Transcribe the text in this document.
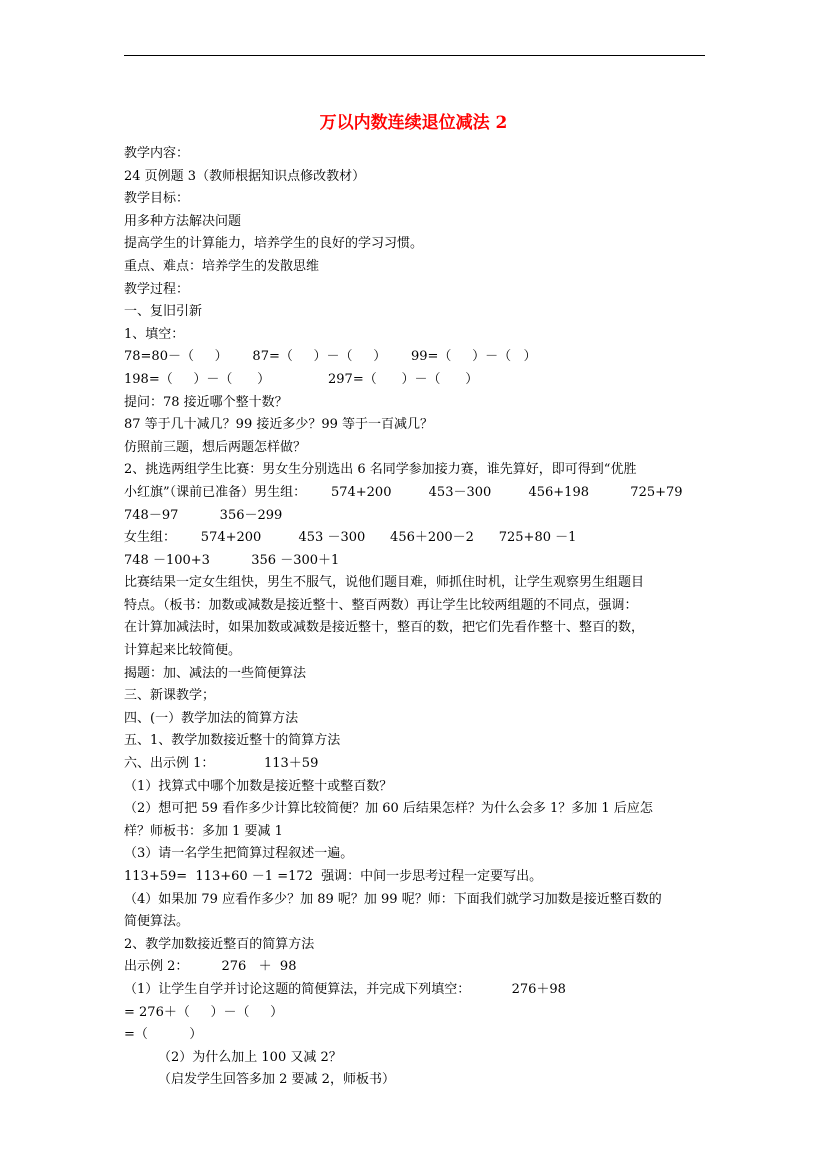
万以内数连续退位减法 2
教学内容：
24 页例题 3（教师根据知识点修改教材）
教学目标：
用多种方法解决问题
提高学生的计算能力，培养学生的良好的学习习惯。
重点、难点：培养学生的发散思维
教学过程：
一、复旧引新
1、填空：
78=80－（     ）      87=（     ）－（     ）      99=（     ）－（   ）
198=（     ）－（      ）              297=（      ）－（      ）
提问：78 接近哪个整十数？
87 等于几十减几？99 接近多少？99 等于一百减几？
仿照前三题，想后两题怎样做？
2、挑选两组学生比赛：男女生分别选出 6 名同学参加接力赛，谁先算好，即可得到“优胜
小红旗”（课前已准备）男生组：      574+200         453－300         456+198          725+79
748－97          356－299
女生组：      574+200         453 －300      456＋200－2      725+80 －1
748 －100+3          356 －300＋1
比赛结果一定女生组快，男生不服气，说他们题目难，师抓住时机，让学生观察男生组题目
特点。（板书：加数或减数是接近整十、整百两数）再让学生比较两组题的不同点，强调：
在计算加减法时，如果加数或减数是接近整十，整百的数，把它们先看作整十、整百的数，
计算起来比较简便。
揭题：加、减法的一些简便算法
三、新课教学；
四、(一）教学加法的简算方法
五、1、教学加数接近整十的简算方法
六、出示例 1：            113＋59
（1）找算式中哪个加数是接近整十或整百数？
（2）想可把 59 看作多少计算比较简便？加 60 后结果怎样？为什么会多 1？多加 1 后应怎
样？师板书：多加 1 要减 1
（3）请一名学生把简算过程叙述一遍。
113+59=  113+60 －1 =172  强调：中间一步思考过程一定要写出。
（4）如果加 79 应看作多少？加 89 呢？加 99 呢？师：下面我们就学习加数是接近整百数的
简便算法。
2、教学加数接近整百的简算方法
出示例 2：        276   ＋  98
（1）让学生自学并讨论这题的简便算法，并完成下列填空：          276＋98
= 276＋（     ）－（     ）
=（          ）
（2）为什么加上 100 又减 2？
（启发学生回答多加 2 要减 2，师板书）
